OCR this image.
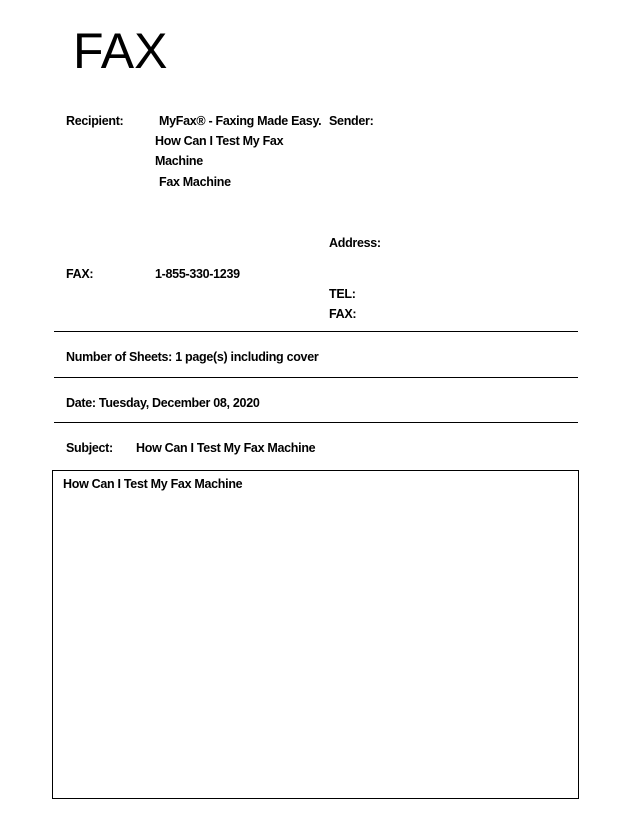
FAX
Recipient:	MyFax® - Faxing Made Easy.
How Can I Test My Fax
Machine
Fax Machine
Sender:
Address:
TEL:
FAX:
FAX:	1-855-330-1239
Number of Sheets: 1 page(s) including cover
Date: Tuesday, December 08, 2020
Subject: How Can I Test My Fax Machine
How Can I Test My Fax Machine
